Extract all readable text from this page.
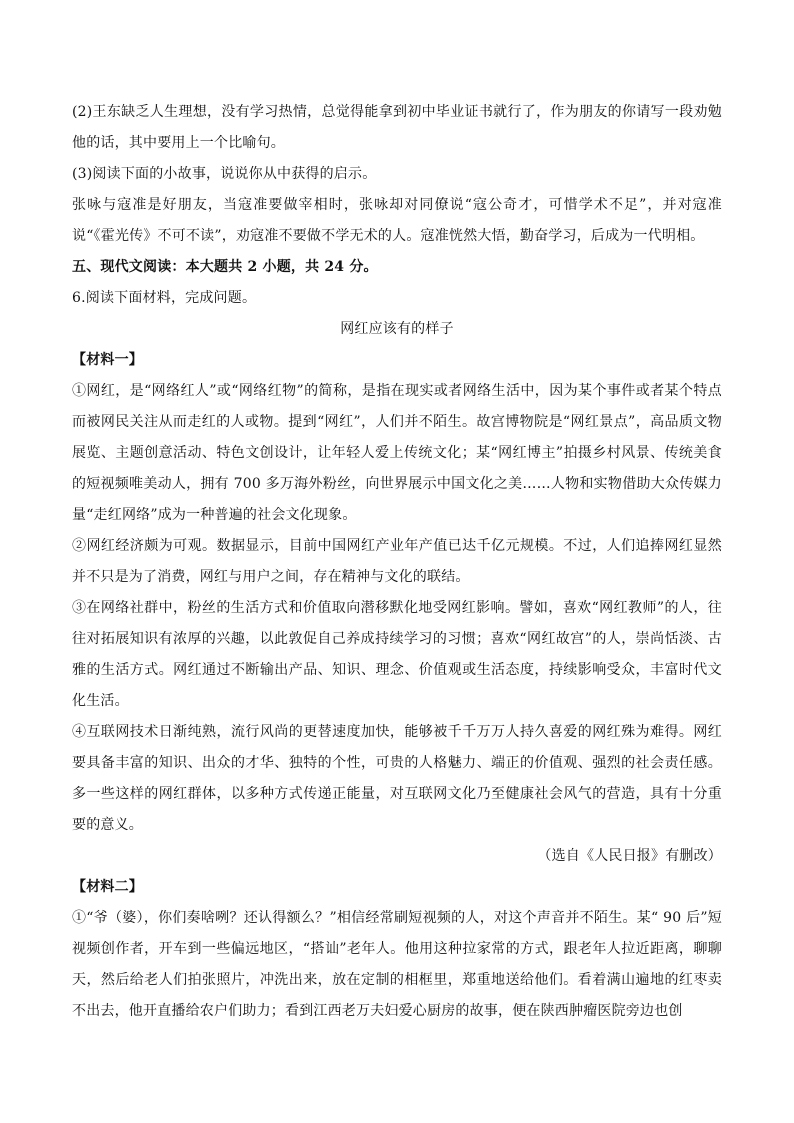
(2)王东缺乏人生理想，没有学习热情，总觉得能拿到初中毕业证书就行了，作为朋友的你请写一段劝勉他的话，其中要用上一个比喻句。

(3)阅读下面的小故事，说说你从中获得的启示。

张咏与寇准是好朋友，当寇准要做宰相时，张咏却对同僚说“寇公奇才，可惜学术不足”，并对寇准说“《霍光传》不可不读”，劝寇准不要做不学无术的人。寇准恍然大悟，勤奋学习，后成为一代明相。

五、现代文阅读：本大题共 2 小题，共 24 分。

6.阅读下面材料，完成问题。

网红应该有的样子

【材料一】

①网红，是“网络红人”或“网络红物”的简称，是指在现实或者网络生活中，因为某个事件或者某个特点而被网民关注从而走红的人或物。提到“网红”，人们并不陌生。故宫博物院是“网红景点”，高品质文物展览、主题创意活动、特色文创设计，让年轻人爱上传统文化；某“网红博主”拍摄乡村风景、传统美食的短视频唯美动人，拥有 700 多万海外粉丝，向世界展示中国文化之美……人物和实物借助大众传媒力量“走红网络”成为一种普遍的社会文化现象。

②网红经济颇为可观。数据显示，目前中国网红产业年产值已达千亿元规模。不过，人们追捧网红显然并不只是为了消费，网红与用户之间，存在精神与文化的联结。

③在网络社群中，粉丝的生活方式和价值取向潜移默化地受网红影响。譬如，喜欢“网红教师”的人，往往对拓展知识有浓厚的兴趣，以此敦促自己养成持续学习的习惯；喜欢“网红故宫”的人，崇尚恬淡、古雅的生活方式。网红通过不断输出产品、知识、理念、价值观或生活态度，持续影响受众，丰富时代文化生活。

④互联网技术日渐纯熟，流行风尚的更替速度加快，能够被千千万万人持久喜爱的网红殊为难得。网红要具备丰富的知识、出众的才华、独特的个性，可贵的人格魅力、端正的价值观、强烈的社会责任感。多一些这样的网红群体，以多种方式传递正能量，对互联网文化乃至健康社会风气的营造，具有十分重要的意义。

（选自《人民日报》有删改）

【材料二】

①“爷（婆），你们奏啥咧？还认得额么？”相信经常刷短视频的人，对这个声音并不陌生。某“ 90 后”短视频创作者，开车到一些偏远地区，“搭讪”老年人。他用这种拉家常的方式，跟老年人拉近距离，聊聊天，然后给老人们拍张照片，冲洗出来，放在定制的相框里，郑重地送给他们。看着满山遍地的红枣卖不出去，他开直播给农户们助力；看到江西老万夫妇爱心厨房的故事，便在陕西肿瘤医院旁边也创
